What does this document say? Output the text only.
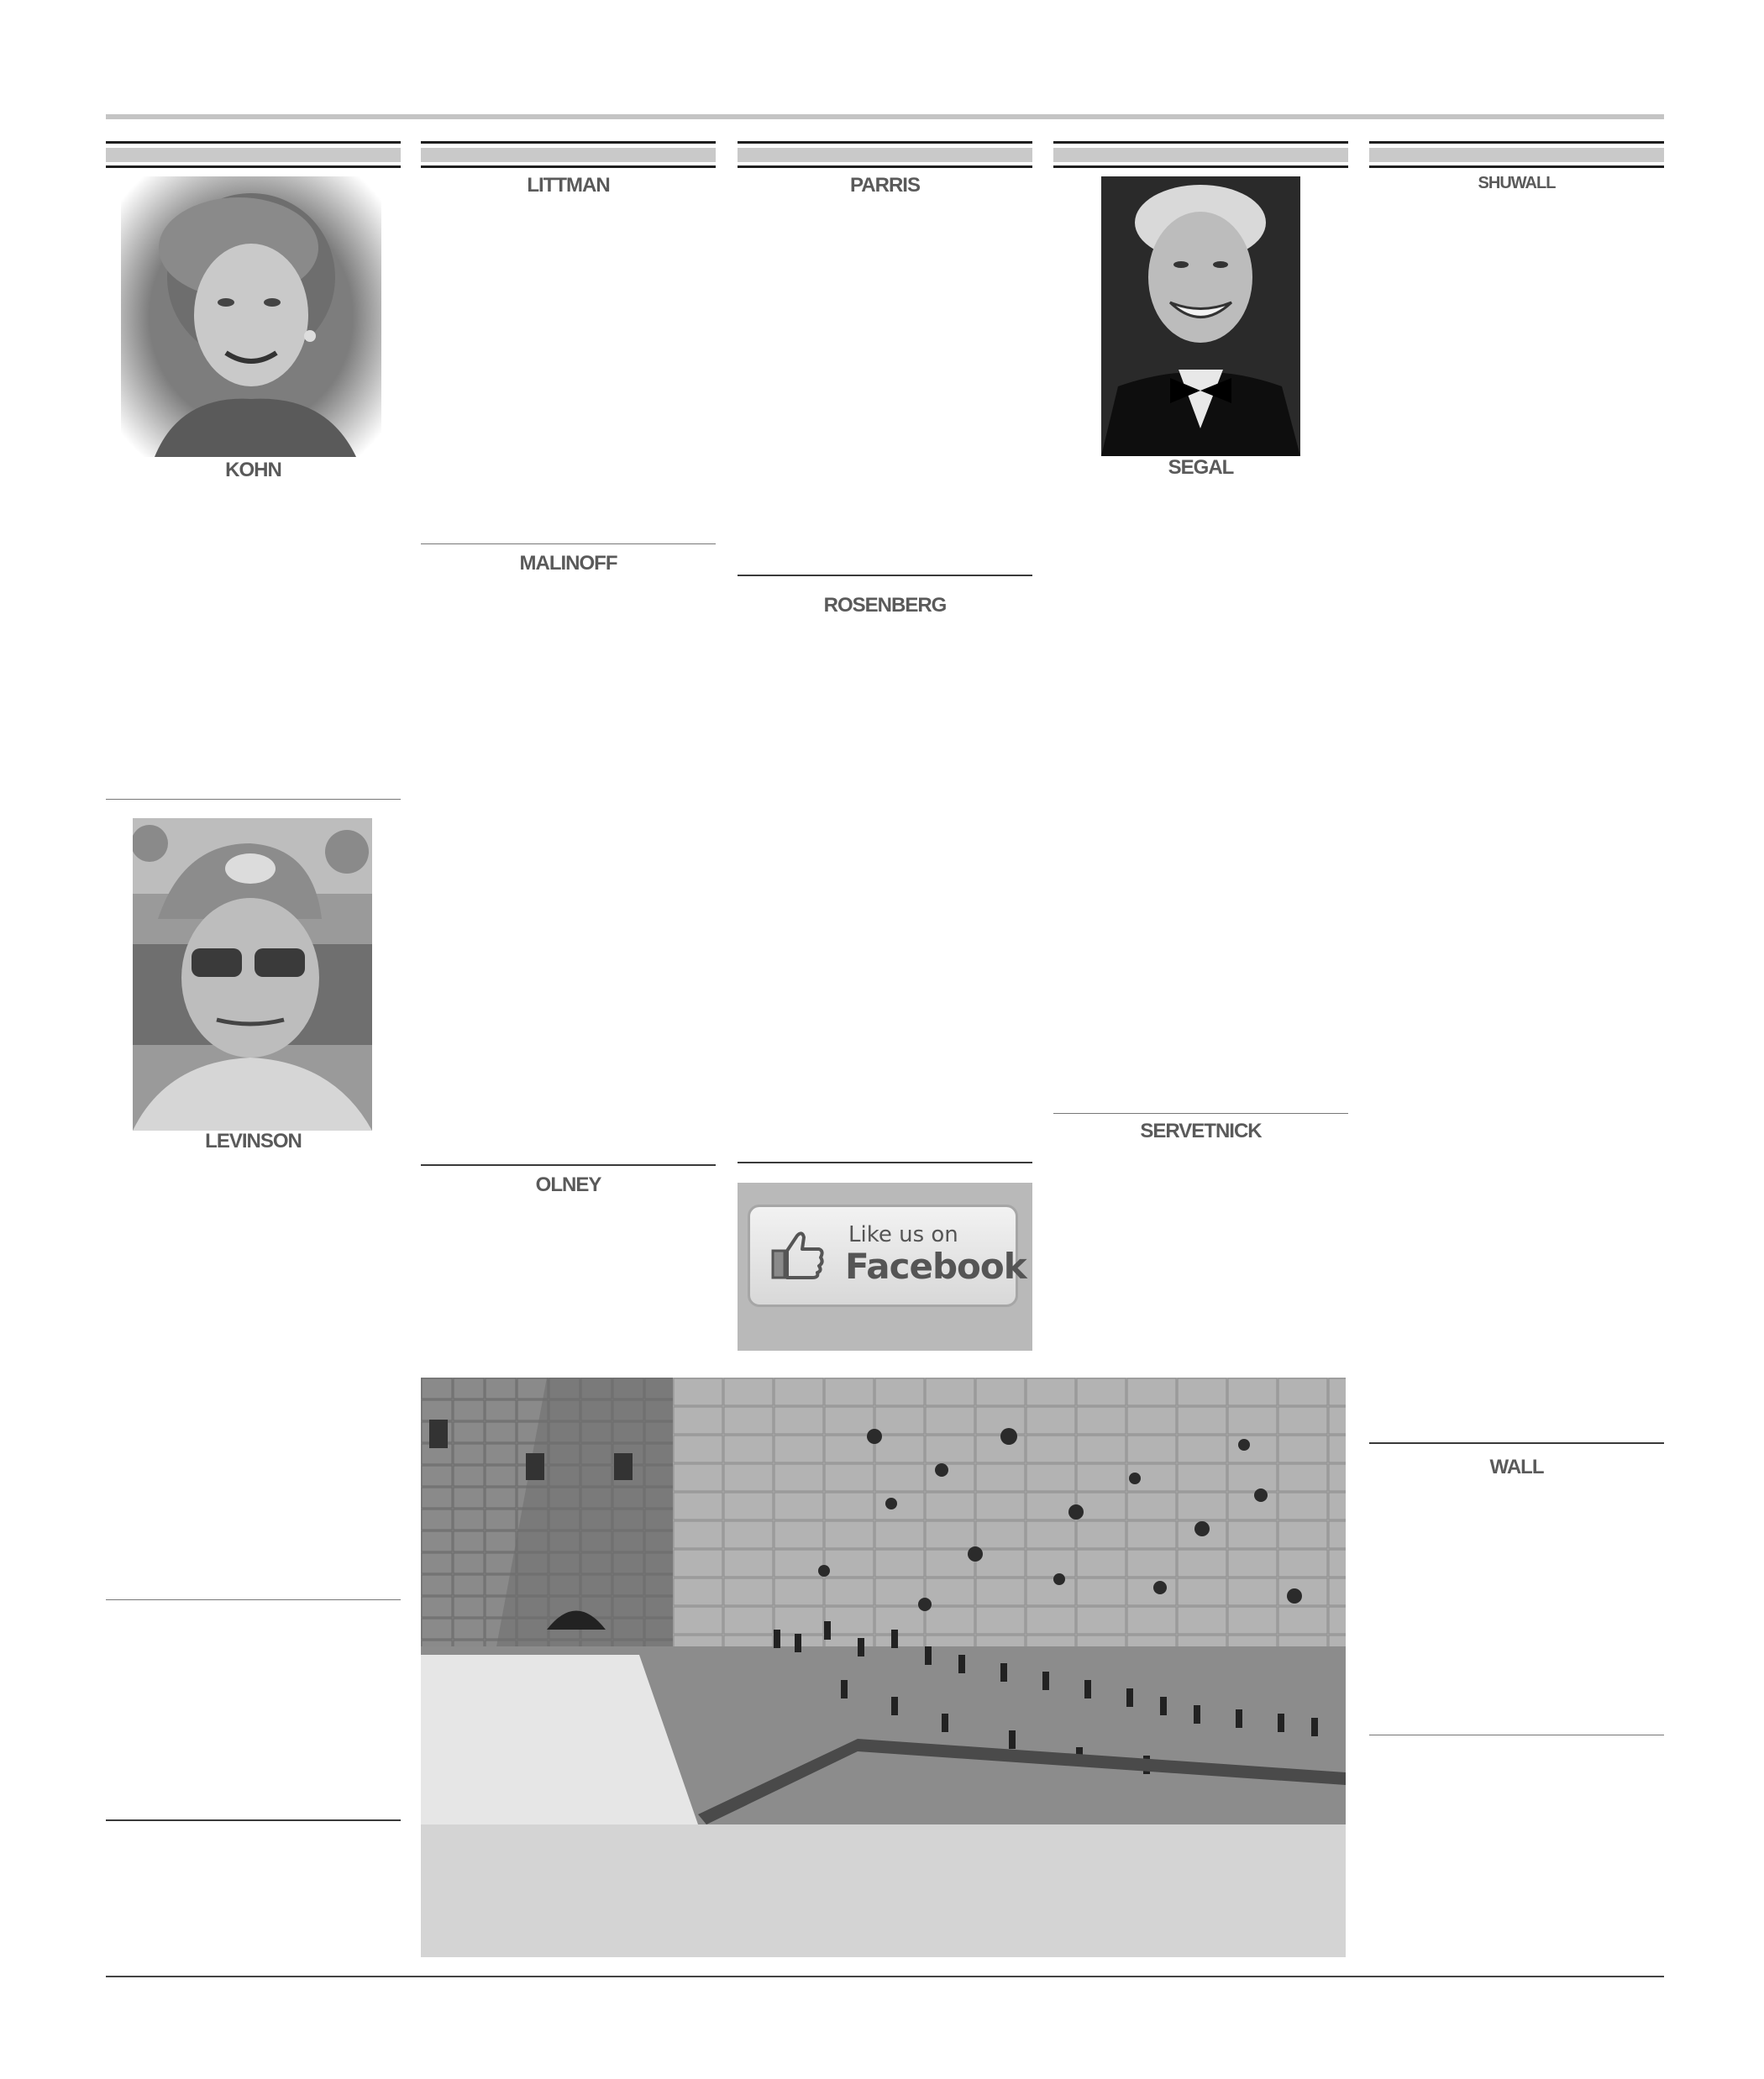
KOHN
LEVINSON
LITTMAN
MALINOFF
OLNEY
PARRIS
ROSENBERG
Like us on
Facebook
SEGAL
SERVETNICK
SHUWALL
WALL
